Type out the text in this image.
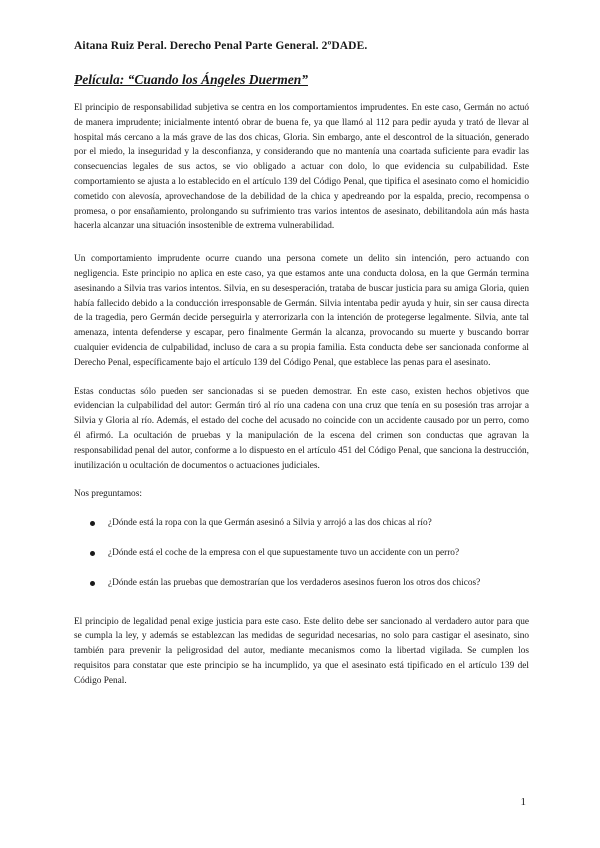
Aitana Ruiz Peral. Derecho Penal Parte General. 2ºDADE.
Película: “Cuando los Ángeles Duermen”

El principio de responsabilidad subjetiva se centra en los comportamientos imprudentes. En este caso, Germán no actuó de manera imprudente; inicialmente intentó obrar de buena fe, ya que llamó al 112 para pedir ayuda y trató de llevar al hospital más cercano a la más grave de las dos chicas, Gloria. Sin embargo, ante el descontrol de la situación, generado por el miedo, la inseguridad y la desconfianza, y considerando que no mantenía una coartada suficiente para evadir las consecuencias legales de sus actos, se vio obligado a actuar con dolo, lo que evidencia su culpabilidad. Este comportamiento se ajusta a lo establecido en el artículo 139 del Código Penal, que tipifica el asesinato como el homicidio cometido con alevosía, aprovechandose de la debilidad de la chica y apedreando por la espalda, precio, recompensa o promesa, o por ensañamiento, prolongando su sufrimiento tras varios intentos de asesinato, debilitandola aún más hasta hacerla alcanzar una situación insostenible de extrema vulnerabilidad.

Un comportamiento imprudente ocurre cuando una persona comete un delito sin intención, pero actuando con negligencia. Este principio no aplica en este caso, ya que estamos ante una conducta dolosa, en la que Germán termina asesinando a Silvia tras varios intentos. Silvia, en su desesperación, trataba de buscar justicia para su amiga Gloria, quien había fallecido debido a la conducción irresponsable de Germán. Silvia intentaba pedir ayuda y huir, sin ser causa directa de la tragedia, pero Germán decide perseguirla y aterrorizarla con la intención de protegerse legalmente. Silvia, ante tal amenaza, intenta defenderse y escapar, pero finalmente Germán la alcanza, provocando su muerte y buscando borrar cualquier evidencia de culpabilidad, incluso de cara a su propia familia. Esta conducta debe ser sancionada conforme al Derecho Penal, específicamente bajo el artículo 139 del Código Penal, que establece las penas para el asesinato.

Estas conductas sólo pueden ser sancionadas si se pueden demostrar. En este caso, existen hechos objetivos que evidencian la culpabilidad del autor: Germán tiró al río una cadena con una cruz que tenía en su posesión tras arrojar a Silvia y Gloria al río. Además, el estado del coche del acusado no coincide con un accidente causado por un perro, como él afirmó. La ocultación de pruebas y la manipulación de la escena del crimen son conductas que agravan la responsabilidad penal del autor, conforme a lo dispuesto en el artículo 451 del Código Penal, que sanciona la destrucción, inutilización u ocultación de documentos o actuaciones judiciales.

Nos preguntamos:

¿Dónde está la ropa con la que Germán asesinó a Silvia y arrojó a las dos chicas al río?
¿Dónde está el coche de la empresa con el que supuestamente tuvo un accidente con un perro?
¿Dónde están las pruebas que demostrarían que los verdaderos asesinos fueron los otros dos chicos?

El principio de legalidad penal exige justicia para este caso. Este delito debe ser sancionado al verdadero autor para que se cumpla la ley, y además se establezcan las medidas de seguridad necesarias, no solo para castigar el asesinato, sino también para prevenir la peligrosidad del autor, mediante mecanismos como la libertad vigilada. Se cumplen los requisitos para constatar que este principio se ha incumplido, ya que el asesinato está tipificado en el artículo 139 del Código Penal.

1
